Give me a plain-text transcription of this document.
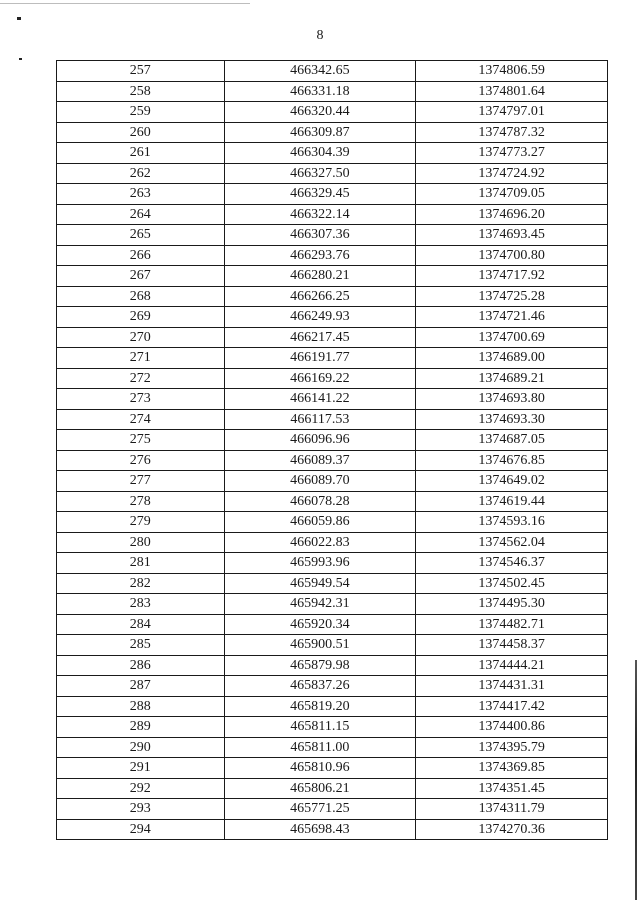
8
257	466342.65	1374806.59
258	466331.18	1374801.64
259	466320.44	1374797.01
260	466309.87	1374787.32
261	466304.39	1374773.27
262	466327.50	1374724.92
263	466329.45	1374709.05
264	466322.14	1374696.20
265	466307.36	1374693.45
266	466293.76	1374700.80
267	466280.21	1374717.92
268	466266.25	1374725.28
269	466249.93	1374721.46
270	466217.45	1374700.69
271	466191.77	1374689.00
272	466169.22	1374689.21
273	466141.22	1374693.80
274	466117.53	1374693.30
275	466096.96	1374687.05
276	466089.37	1374676.85
277	466089.70	1374649.02
278	466078.28	1374619.44
279	466059.86	1374593.16
280	466022.83	1374562.04
281	465993.96	1374546.37
282	465949.54	1374502.45
283	465942.31	1374495.30
284	465920.34	1374482.71
285	465900.51	1374458.37
286	465879.98	1374444.21
287	465837.26	1374431.31
288	465819.20	1374417.42
289	465811.15	1374400.86
290	465811.00	1374395.79
291	465810.96	1374369.85
292	465806.21	1374351.45
293	465771.25	1374311.79
294	465698.43	1374270.36
